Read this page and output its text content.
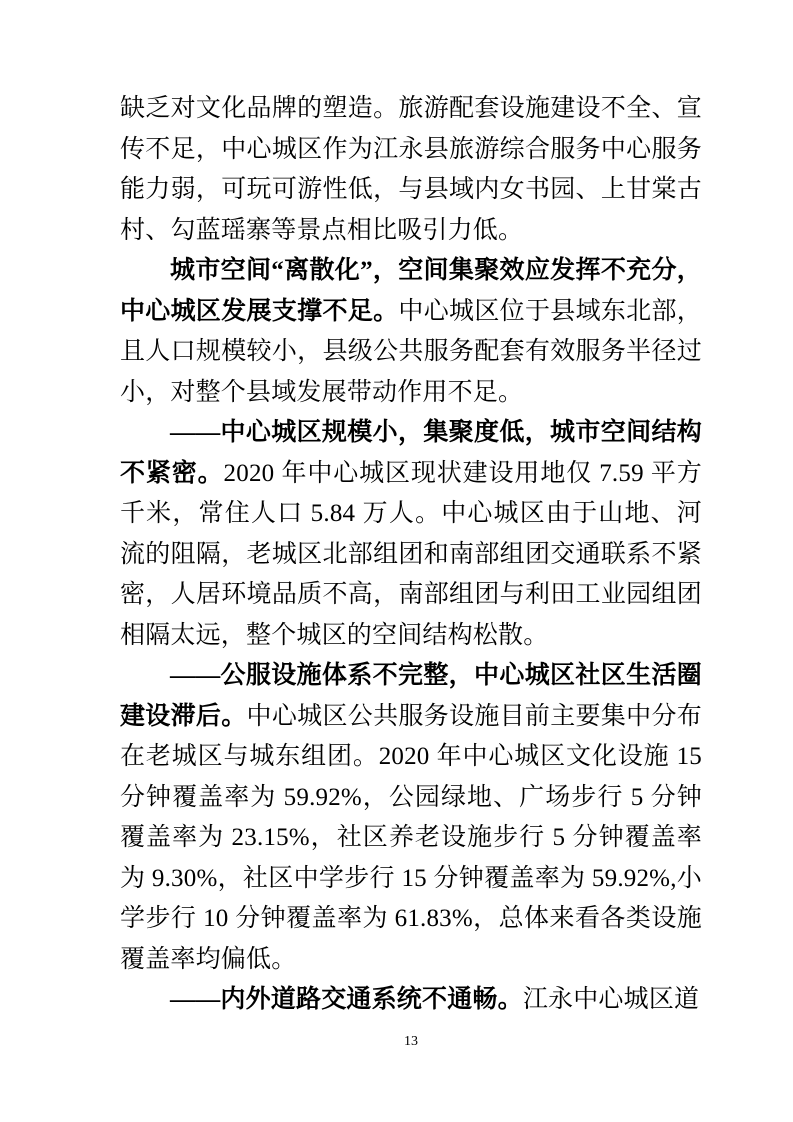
缺乏对文化品牌的塑造。旅游配套设施建设不全、宣传不足，中心城区作为江永县旅游综合服务中心服务能力弱，可玩可游性低，与县域内女书园、上甘棠古村、勾蓝瑶寨等景点相比吸引力低。

城市空间“离散化”，空间集聚效应发挥不充分，中心城区发展支撑不足。中心城区位于县域东北部，且人口规模较小，县级公共服务配套有效服务半径过小，对整个县域发展带动作用不足。

——中心城区规模小，集聚度低，城市空间结构不紧密。2020 年中心城区现状建设用地仅 7.59 平方千米，常住人口 5.84 万人。中心城区由于山地、河流的阻隔，老城区北部组团和南部组团交通联系不紧密，人居环境品质不高，南部组团与利田工业园组团相隔太远，整个城区的空间结构松散。

——公服设施体系不完整，中心城区社区生活圈建设滞后。中心城区公共服务设施目前主要集中分布在老城区与城东组团。2020 年中心城区文化设施 15 分钟覆盖率为 59.92%，公园绿地、广场步行 5 分钟覆盖率为 23.15%，社区养老设施步行 5 分钟覆盖率为 9.30%，社区中学步行 15 分钟覆盖率为 59.92%,小学步行 10 分钟覆盖率为 61.83%，总体来看各类设施覆盖率均偏低。

——内外道路交通系统不通畅。江永中心城区道

13
